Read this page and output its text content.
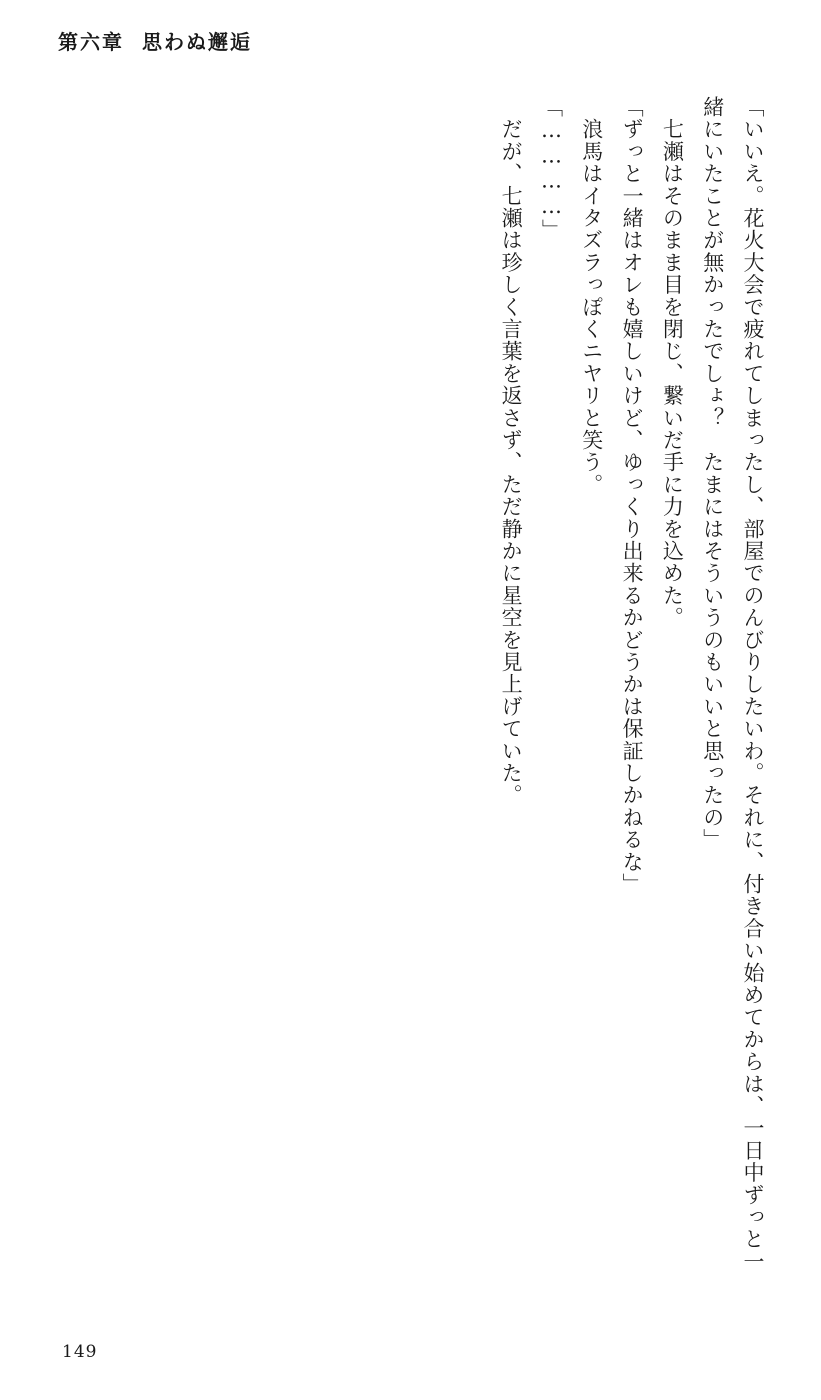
第六章 思わぬ邂逅

「いいえ。花火大会で疲れてしまったし、部屋でのんびりしたいわ。それに、付き合い始めてからは、一日中ずっと一緒にいたことが無かったでしょ？　たまにはそういうのもいいと思ったの」

　七瀬はそのまま目を閉じ、繋いだ手に力を込めた。

「ずっと一緒はオレも嬉しいけど、ゆっくり出来るかどうかは保証しかねるな」

　浪馬はイタズラっぽくニヤリと笑う。

「…………」

　だが、七瀬は珍しく言葉を返さず、ただ静かに星空を見上げていた。

149
